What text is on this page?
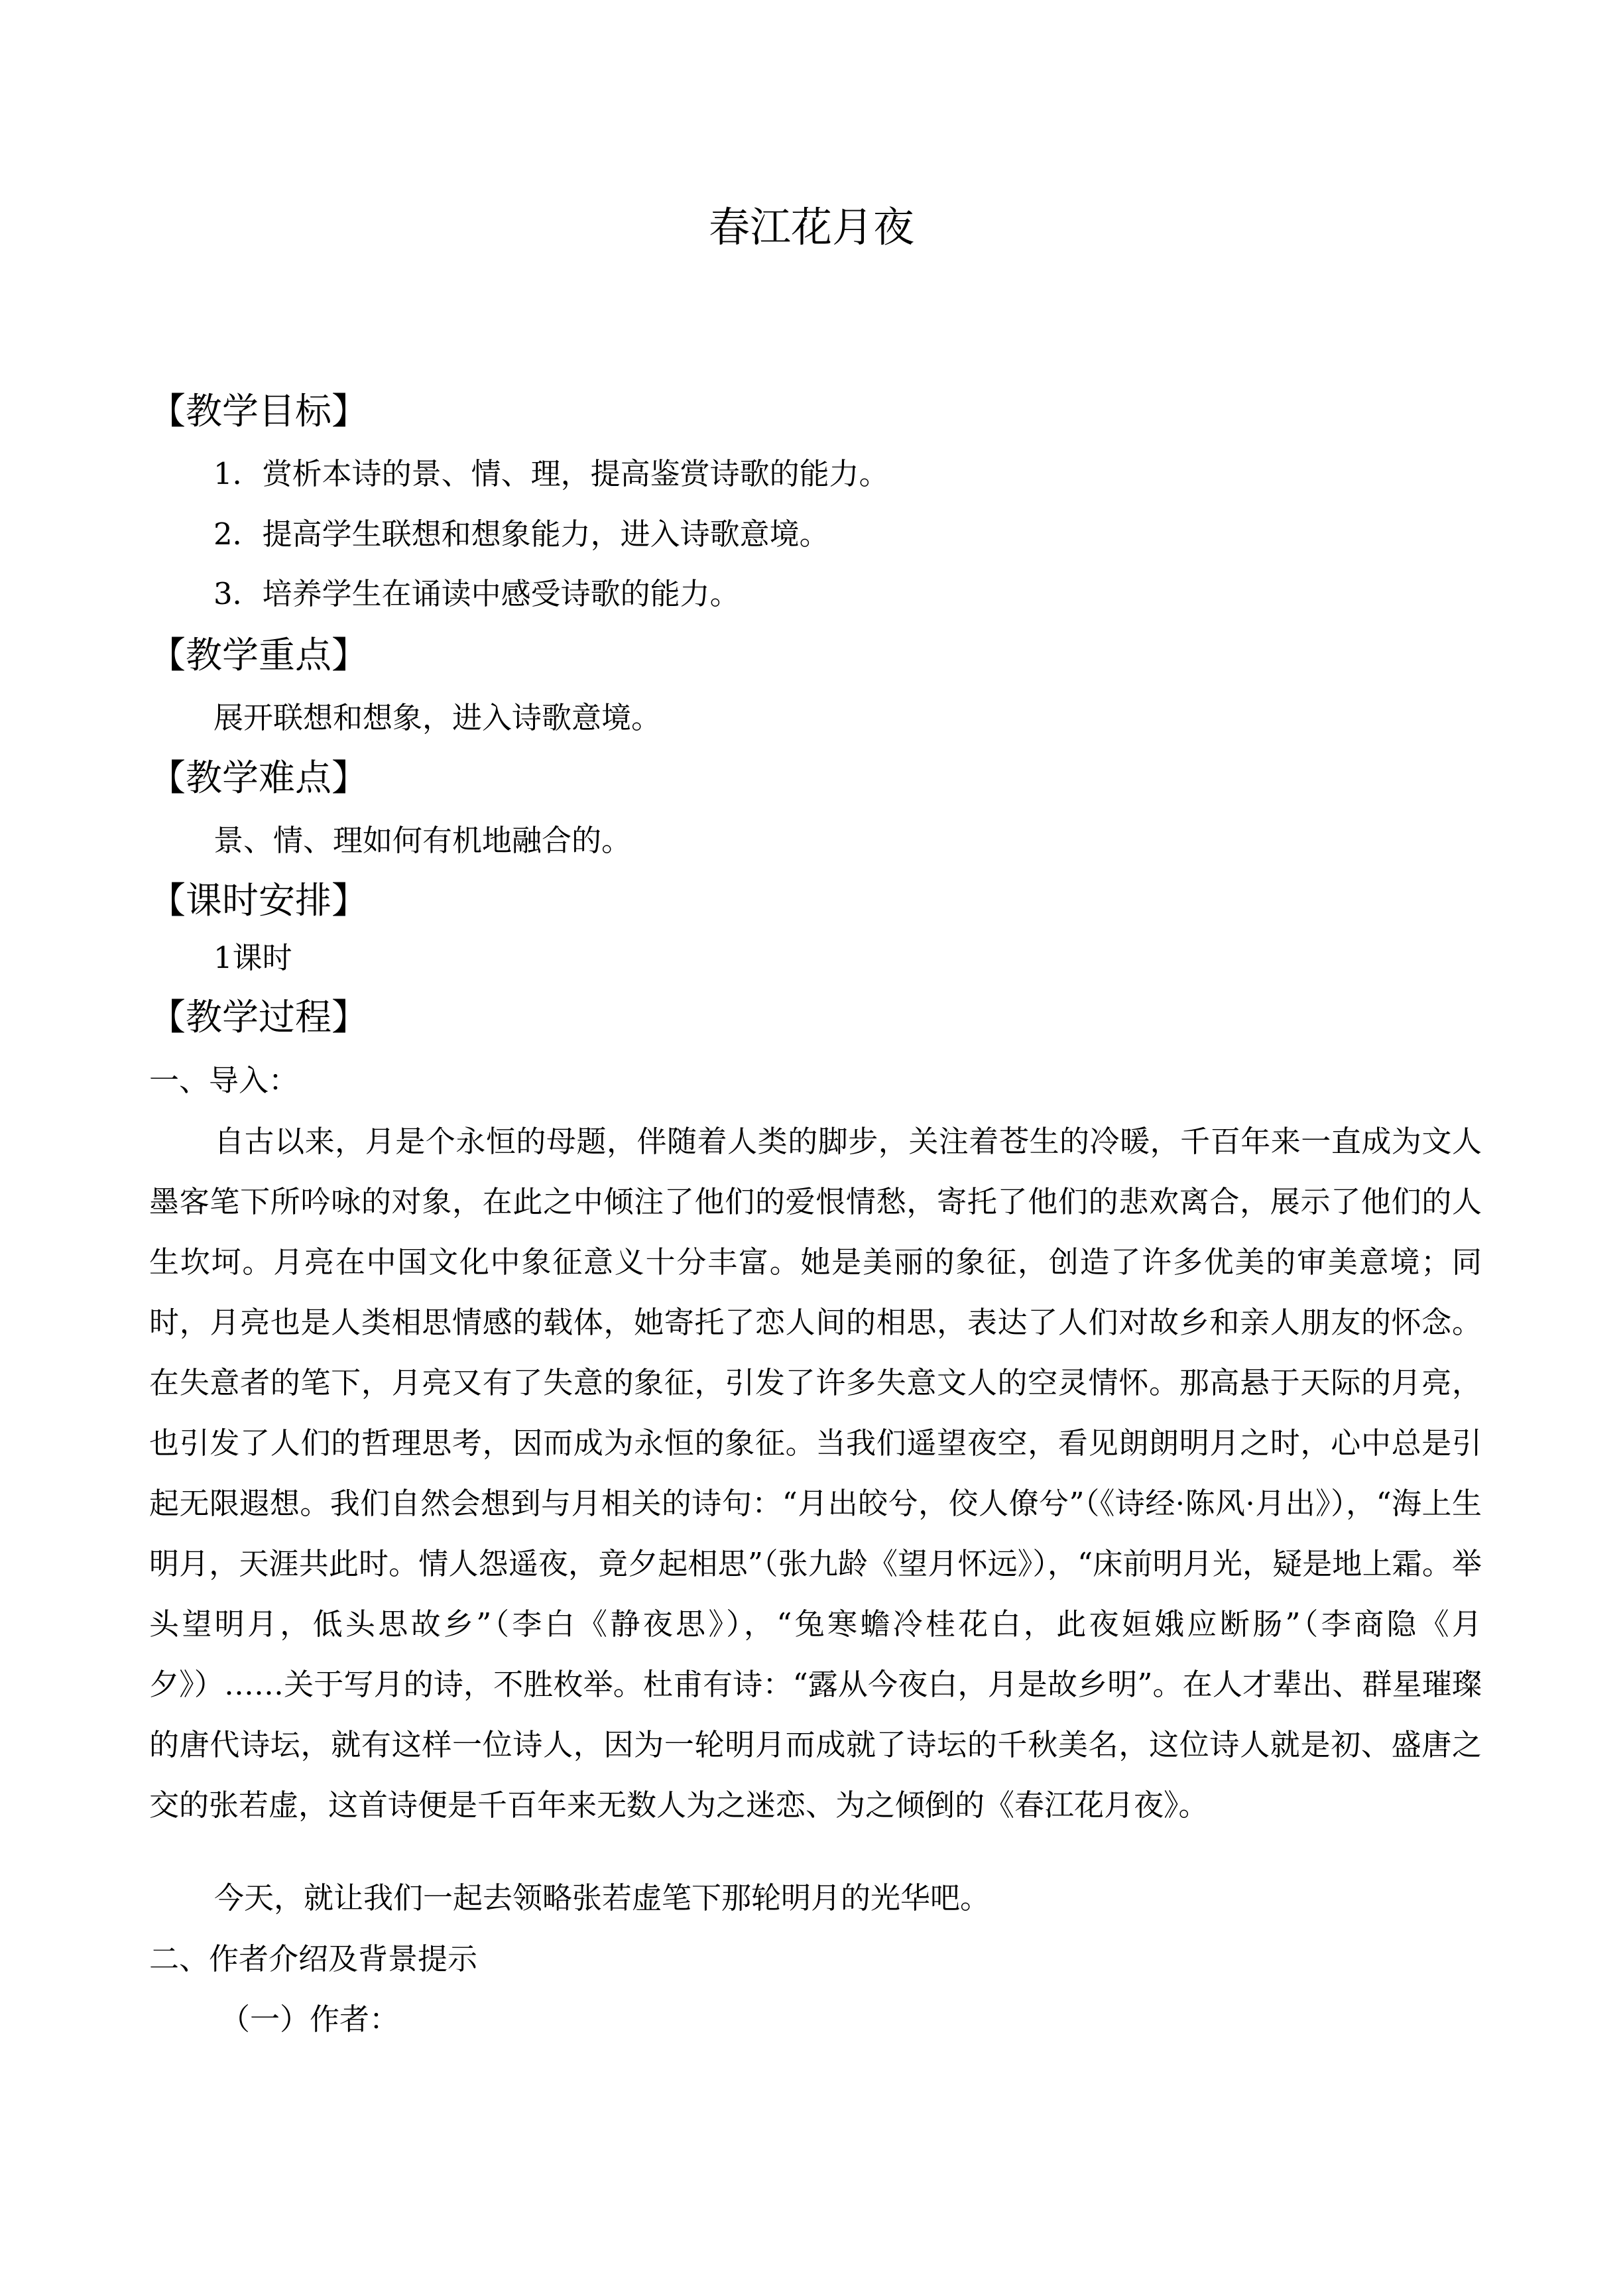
春江花月夜
【教学目标】
1．赏析本诗的景、情、理，提高鉴赏诗歌的能力。
2．提高学生联想和想象能力，进入诗歌意境。
3．培养学生在诵读中感受诗歌的能力。
【教学重点】
展开联想和想象，进入诗歌意境。
【教学难点】
景、情、理如何有机地融合的。
【课时安排】
1课时
【教学过程】
一、导入：

自古以来，月是个永恒的母题，伴随着人类的脚步，关注着苍生的冷暖，千百年来一直成为文人墨客笔下所吟咏的对象，在此之中倾注了他们的爱恨情愁，寄托了他们的悲欢离合，展示了他们的人生坎坷。月亮在中国文化中象征意义十分丰富。她是美丽的象征，创造了许多优美的审美意境；同时，月亮也是人类相思情感的载体，她寄托了恋人间的相思，表达了人们对故乡和亲人朋友的怀念。在失意者的笔下，月亮又有了失意的象征，引发了许多失意文人的空灵情怀。那高悬于天际的月亮，也引发了人们的哲理思考，因而成为永恒的象征。当我们遥望夜空，看见朗朗明月之时，心中总是引起无限遐想。我们自然会想到与月相关的诗句：“月出皎兮，佼人僚兮”（《诗经·陈风·月出》），“海上生明月，天涯共此时。情人怨遥夜，竟夕起相思”（张九龄《望月怀远》），“床前明月光，疑是地上霜。举头望明月，低头思故乡”（李白《静夜思》），“兔寒蟾冷桂花白，此夜姮娥应断肠”（李商隐《月夕》）……关于写月的诗，不胜枚举。杜甫有诗：“露从今夜白，月是故乡明”。在人才辈出、群星璀璨的唐代诗坛，就有这样一位诗人，因为一轮明月而成就了诗坛的千秋美名，这位诗人就是初、盛唐之交的张若虚，这首诗便是千百年来无数人为之迷恋、为之倾倒的《春江花月夜》。

今天，就让我们一起去领略张若虚笔下那轮明月的光华吧。

二、作者介绍及背景提示
（一）作者：
